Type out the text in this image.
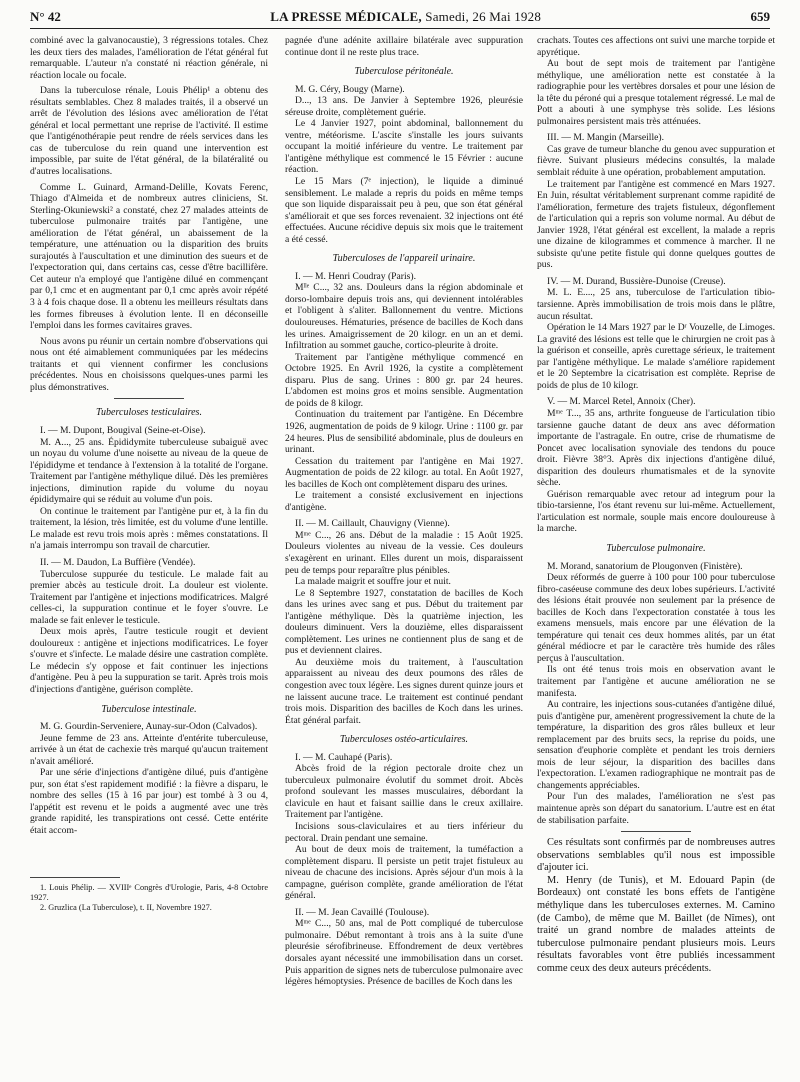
N° 42	LA PRESSE MÉDICALE, Samedi, 26 Mai 1928	659

combiné avec la galvanocaustie), 3 régressions totales. Chez les deux tiers des malades, l'amélioration de l'état général fut remarquable. L'auteur n'a constaté ni réaction générale, ni réaction locale ou focale.

Dans la tuberculose rénale, Louis Phélip¹ a obtenu des résultats semblables. Chez 8 malades traités, il a observé un arrêt de l'évolution des lésions avec amélioration de l'état général et local permettant une reprise de l'activité. Il estime que l'antigénothérapie peut rendre de réels services dans les cas de tuberculose du rein quand une intervention est impossible, par suite de l'état général, de la bilatéralité ou d'autres localisations.

Comme L. Guinard, Armand-Delille, Kovats Ferenc, Thiago d'Almeida et de nombreux autres cliniciens, St. Sterling-Okuniewski² a constaté, chez 27 malades atteints de tuberculose pulmonaire traités par l'antigène, une amélioration de l'état général, un abaissement de la température, une atténuation ou la disparition des bruits surajoutés à l'auscultation et une diminution des sueurs et de l'expectoration qui, dans certains cas, cesse d'être bacillifère. Cet auteur n'a employé que l'antigène dilué en commençant par 0,1 cmc et en augmentant par 0,1 cmc après avoir répété 3 à 4 fois chaque dose. Il a obtenu les meilleurs résultats dans les formes fibreuses à évolution lente. Il en déconseille l'emploi dans les formes cavitaires graves.

Nous avons pu réunir un certain nombre d'observations qui nous ont été aimablement communiquées par les médecins traitants et qui viennent confirmer les conclusions précédentes. Nous en choisissons quelques-unes parmi les plus démonstratives.

Tuberculoses testiculaires.

I. — M. Dupont, Bougival (Seine-et-Oise).

M. A..., 25 ans. Épididymite tuberculeuse subaiguë avec un noyau du volume d'une noisette au niveau de la queue de l'épididyme et tendance à l'extension à la totalité de l'organe. Traitement par l'antigène méthylique dilué. Dès les premières injections, diminution rapide du volume du noyau épididymaire qui se réduit au volume d'un pois.

On continue le traitement par l'antigène pur et, à la fin du traitement, la lésion, très limitée, est du volume d'une lentille. Le malade est revu trois mois après : mêmes constatations. Il n'a jamais interrompu son travail de charcutier.

II. — M. Daudon, La Buffière (Vendée).

Tuberculose suppurée du testicule. Le malade fait au premier abcès au testicule droit. La douleur est violente. Traitement par l'antigène et injections modificatrices. Malgré celles-ci, la suppuration continue et le foyer s'ouvre. Le malade se fait enlever le testicule.

Deux mois après, l'autre testicule rougit et devient douloureux : antigène et injections modificatrices. Le foyer s'ouvre et s'infecte. Le malade désire une castration complète. Le médecin s'y oppose et fait continuer les injections d'antigène. Peu à peu la suppuration se tarit. Après trois mois d'injections d'antigène, guérison complète.

Tuberculose intestinale.

M. G. Gourdin-Serveniere, Aunay-sur-Odon (Calvados).

Jeune femme de 23 ans. Atteinte d'entérite tuberculeuse, arrivée à un état de cachexie très marqué qu'aucun traitement n'avait amélioré.

Par une série d'injections d'antigène dilué, puis d'antigène pur, son état s'est rapidement modifié : la fièvre a disparu, le nombre des selles (15 à 16 par jour) est tombé à 3 ou 4, l'appétit est revenu et le poids a augmenté avec une très grande rapidité, les transpirations ont cessé. Cette entérite était accom-

1. Louis Phélip. — XVIIIᵉ Congrès d'Urologie, Paris, 4-8 Octobre 1927.

2. Gruzlica (La Tuberculose), t. II, Novembre 1927.

pagnée d'une adénite axillaire bilatérale avec suppuration continue dont il ne reste plus trace.

Tuberculose péritonéale.

M. G. Céry, Bougy (Marne).

D..., 13 ans. De Janvier à Septembre 1926, pleurésie séreuse droite, complètement guérie.

Le 4 Janvier 1927, point abdominal, ballonnement du ventre, météorisme. L'ascite s'installe les jours suivants occupant la moitié inférieure du ventre. Le traitement par l'antigène méthylique est commencé le 15 Février : aucune réaction.

Le 15 Mars (7ᵉ injection), le liquide a diminué sensiblement. Le malade a repris du poids en même temps que son liquide disparaissait peu à peu, que son état général s'améliorait et que ses forces revenaient. 32 injections ont été effectuées. Aucune récidive depuis six mois que le traitement a été cessé.

Tuberculoses de l'appareil urinaire.

I. — M. Henri Coudray (Paris).

Mˡˡᵉ C..., 32 ans. Douleurs dans la région abdominale et dorso-lombaire depuis trois ans, qui deviennent intolérables et l'obligent à s'aliter. Ballonnement du ventre. Mictions douloureuses. Hématuries, présence de bacilles de Koch dans les urines. Amaigrissement de 20 kilogr. en un an et demi. Infiltration au sommet gauche, cortico-pleurite à droite.

Traitement par l'antigène méthylique commencé en Octobre 1925. En Avril 1926, la cystite a complètement disparu. Plus de sang. Urines : 800 gr. par 24 heures. L'abdomen est moins gros et moins sensible. Augmentation de poids de 8 kilogr.

Continuation du traitement par l'antigène. En Décembre 1926, augmentation de poids de 9 kilogr. Urine : 1100 gr. par 24 heures. Plus de sensibilité abdominale, plus de douleurs en urinant.

Cessation du traitement par l'antigène en Mai 1927. Augmentation de poids de 22 kilogr. au total. En Août 1927, les bacilles de Koch ont complètement disparu des urines.

Le traitement a consisté exclusivement en injections d'antigène.

II. — M. Caillault, Chauvigny (Vienne).

Mᵐᵉ C..., 26 ans. Début de la maladie : 15 Août 1925. Douleurs violentes au niveau de la vessie. Ces douleurs s'exagèrent en urinant. Elles durent un mois, disparaissent peu de temps pour reparaître plus pénibles.

La malade maigrit et souffre jour et nuit.

Le 8 Septembre 1927, constatation de bacilles de Koch dans les urines avec sang et pus. Début du traitement par l'antigène méthylique. Dès la quatrième injection, les douleurs diminuent. Vers la douzième, elles disparaissent complètement. Les urines ne contiennent plus de sang et de pus et deviennent claires.

Au deuxième mois du traitement, à l'auscultation apparaissent au niveau des deux poumons des râles de congestion avec toux légère. Les signes durent quinze jours et ne laissent aucune trace. Le traitement est continué pendant trois mois. Disparition des bacilles de Koch dans les urines. État général parfait.

Tuberculoses ostéo-articulaires.

I. — M. Cauhapé (Paris).

Abcès froid de la région pectorale droite chez un tuberculeux pulmonaire évolutif du sommet droit. Abcès profond soulevant les masses musculaires, débordant la clavicule en haut et faisant saillie dans le creux axillaire. Traitement par l'antigène.

Incisions sous-claviculaires et au tiers inférieur du pectoral. Drain pendant une semaine.

Au bout de deux mois de traitement, la tuméfaction a complètement disparu. Il persiste un petit trajet fistuleux au niveau de chacune des incisions. Après séjour d'un mois à la campagne, guérison complète, grande amélioration de l'état général.

II. — M. Jean Cavaillé (Toulouse).

Mᵐᵉ C..., 50 ans, mal de Pott compliqué de tuberculose pulmonaire. Début remontant à trois ans à la suite d'une pleurésie sérofibrineuse. Effondrement de deux vertèbres dorsales ayant nécessité une immobilisation dans un corset. Puis apparition de signes nets de tuberculose pulmonaire avec légères hémoptysies. Présence de bacilles de Koch dans les

crachats. Toutes ces affections ont suivi une marche torpide et apyrétique.

Au bout de sept mois de traitement par l'antigène méthylique, une amélioration nette est constatée à la radiographie pour les vertèbres dorsales et pour une lésion de la tête du péroné qui a presque totalement régressé. Le mal de Pott a abouti à une symphyse très solide. Les lésions pulmonaires persistent mais très atténuées.

III. — M. Mangin (Marseille).

Cas grave de tumeur blanche du genou avec suppuration et fièvre. Suivant plusieurs médecins consultés, la malade semblait réduite à une opération, probablement amputation.

Le traitement par l'antigène est commencé en Mars 1927. En Juin, résultat véritablement surprenant comme rapidité de l'amélioration, fermeture des trajets fistuleux, dégonflement de l'articulation qui a repris son volume normal. Au début de Janvier 1928, l'état général est excellent, la malade a repris une dizaine de kilogrammes et commence à marcher. Il ne subsiste qu'une petite fistule qui donne quelques gouttes de pus.

IV. — M. Durand, Bussière-Dunoise (Creuse).

M. L. E...., 25 ans, tuberculose de l'articulation tibio-tarsienne. Après immobilisation de trois mois dans le plâtre, aucun résultat.

Opération le 14 Mars 1927 par le Dʳ Vouzelle, de Limoges. La gravité des lésions est telle que le chirurgien ne croit pas à la guérison et conseille, après curettage sérieux, le traitement par l'antigène méthylique. Le malade s'améliore rapidement et le 20 Septembre la cicatrisation est complète. Reprise de poids de plus de 10 kilogr.

V. — M. Marcel Retel, Annoix (Cher).

Mᵐᵉ T..., 35 ans, arthrite fongueuse de l'articulation tibio tarsienne gauche datant de deux ans avec déformation importante de l'astragale. En outre, crise de rhumatisme de Poncet avec localisation synoviale des tendons du pouce droit. Fièvre 38°3. Après dix injections d'antigène dilué, disparition des douleurs rhumatismales et de la synovite sèche.

Guérison remarquable avec retour ad integrum pour la tibio-tarsienne, l'os étant revenu sur lui-même. Actuellement, l'articulation est normale, souple mais encore douloureuse à la marche.

Tuberculose pulmonaire.

M. Morand, sanatorium de Plougonven (Finistère).

Deux réformés de guerre à 100 pour 100 pour tuberculose fibro-caséeuse commune des deux lobes supérieurs. L'activité des lésions était prouvée non seulement par la présence de bacilles de Koch dans l'expectoration constatée à tous les examens mensuels, mais encore par une élévation de la température qui tenait ces deux hommes alités, par un état général médiocre et par le caractère très humide des râles perçus à l'auscultation.

Ils ont été tenus trois mois en observation avant le traitement par l'antigène et aucune amélioration ne se manifesta.

Au contraire, les injections sous-cutanées d'antigène dilué, puis d'antigène pur, amenèrent progressivement la chute de la température, la disparition des gros râles bulleux et leur remplacement par des bruits secs, la reprise du poids, une sensation d'euphorie complète et pendant les trois derniers mois de leur séjour, la disparition des bacilles dans l'expectoration. L'examen radiographique ne montrait pas de changements appréciables.

Pour l'un des malades, l'amélioration ne s'est pas maintenue après son départ du sanatorium. L'autre est en état de stabilisation parfaite.

Ces résultats sont confirmés par de nombreuses autres observations semblables qu'il nous est impossible d'ajouter ici.

M. Henry (de Tunis), et M. Edouard Papin (de Bordeaux) ont constaté les bons effets de l'antigène méthylique dans les tuberculoses externes. M. Camino (de Cambo), de même que M. Baillet (de Nîmes), ont traité un grand nombre de malades atteints de tuberculose pulmonaire pendant plusieurs mois. Leurs résultats favorables vont être publiés incessamment comme ceux des deux auteurs précédents.
